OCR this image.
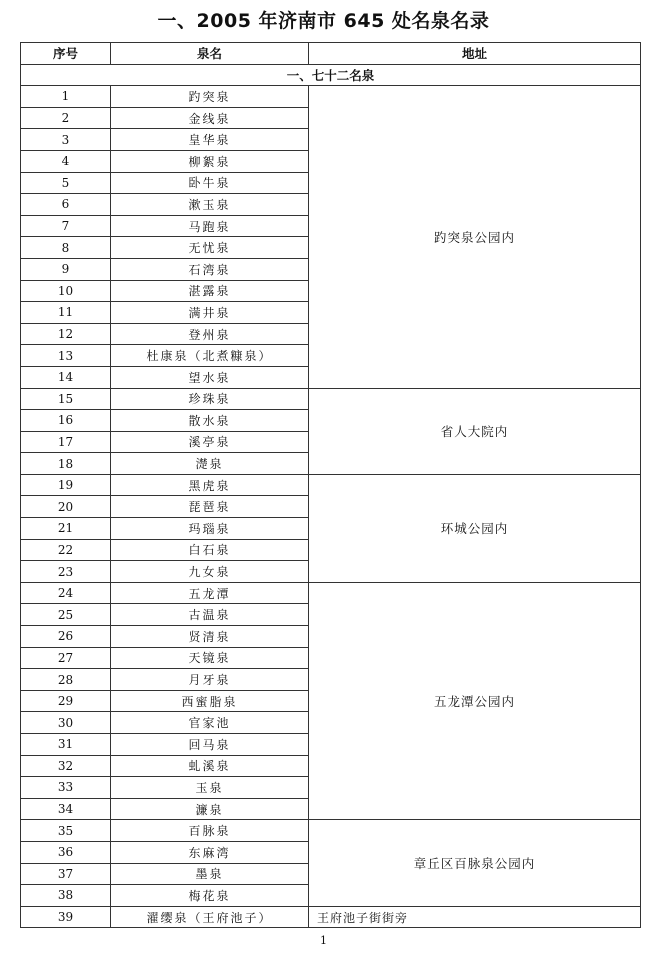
一、2005 年济南市 645 处名泉名录
序号	泉名	地址
一、七十二名泉		
1	趵突泉	趵突泉公园内
2	金线泉	
3	皇华泉	
4	柳絮泉	
5	卧牛泉	
6	漱玉泉	
7	马跑泉	
8	无忧泉	
9	石湾泉	
10	湛露泉	
11	满井泉	
12	登州泉	
13	杜康泉（北煮糠泉）	
14	望水泉	
15	珍珠泉	省人大院内
16	散水泉	
17	溪亭泉	
18	濋泉	
19	黑虎泉	环城公园内
20	琵琶泉	
21	玛瑙泉	
22	白石泉	
23	九女泉	
24	五龙潭	五龙潭公园内
25	古温泉	
26	贤清泉	
27	天镜泉	
28	月牙泉	
29	西蜜脂泉	
30	官家池	
31	回马泉	
32	虬溪泉	
33	玉泉	
34	濂泉	
35	百脉泉	章丘区百脉泉公园内
36	东麻湾	
37	墨泉	
38	梅花泉	
39	濯缨泉（王府池子）	王府池子街街旁
1
